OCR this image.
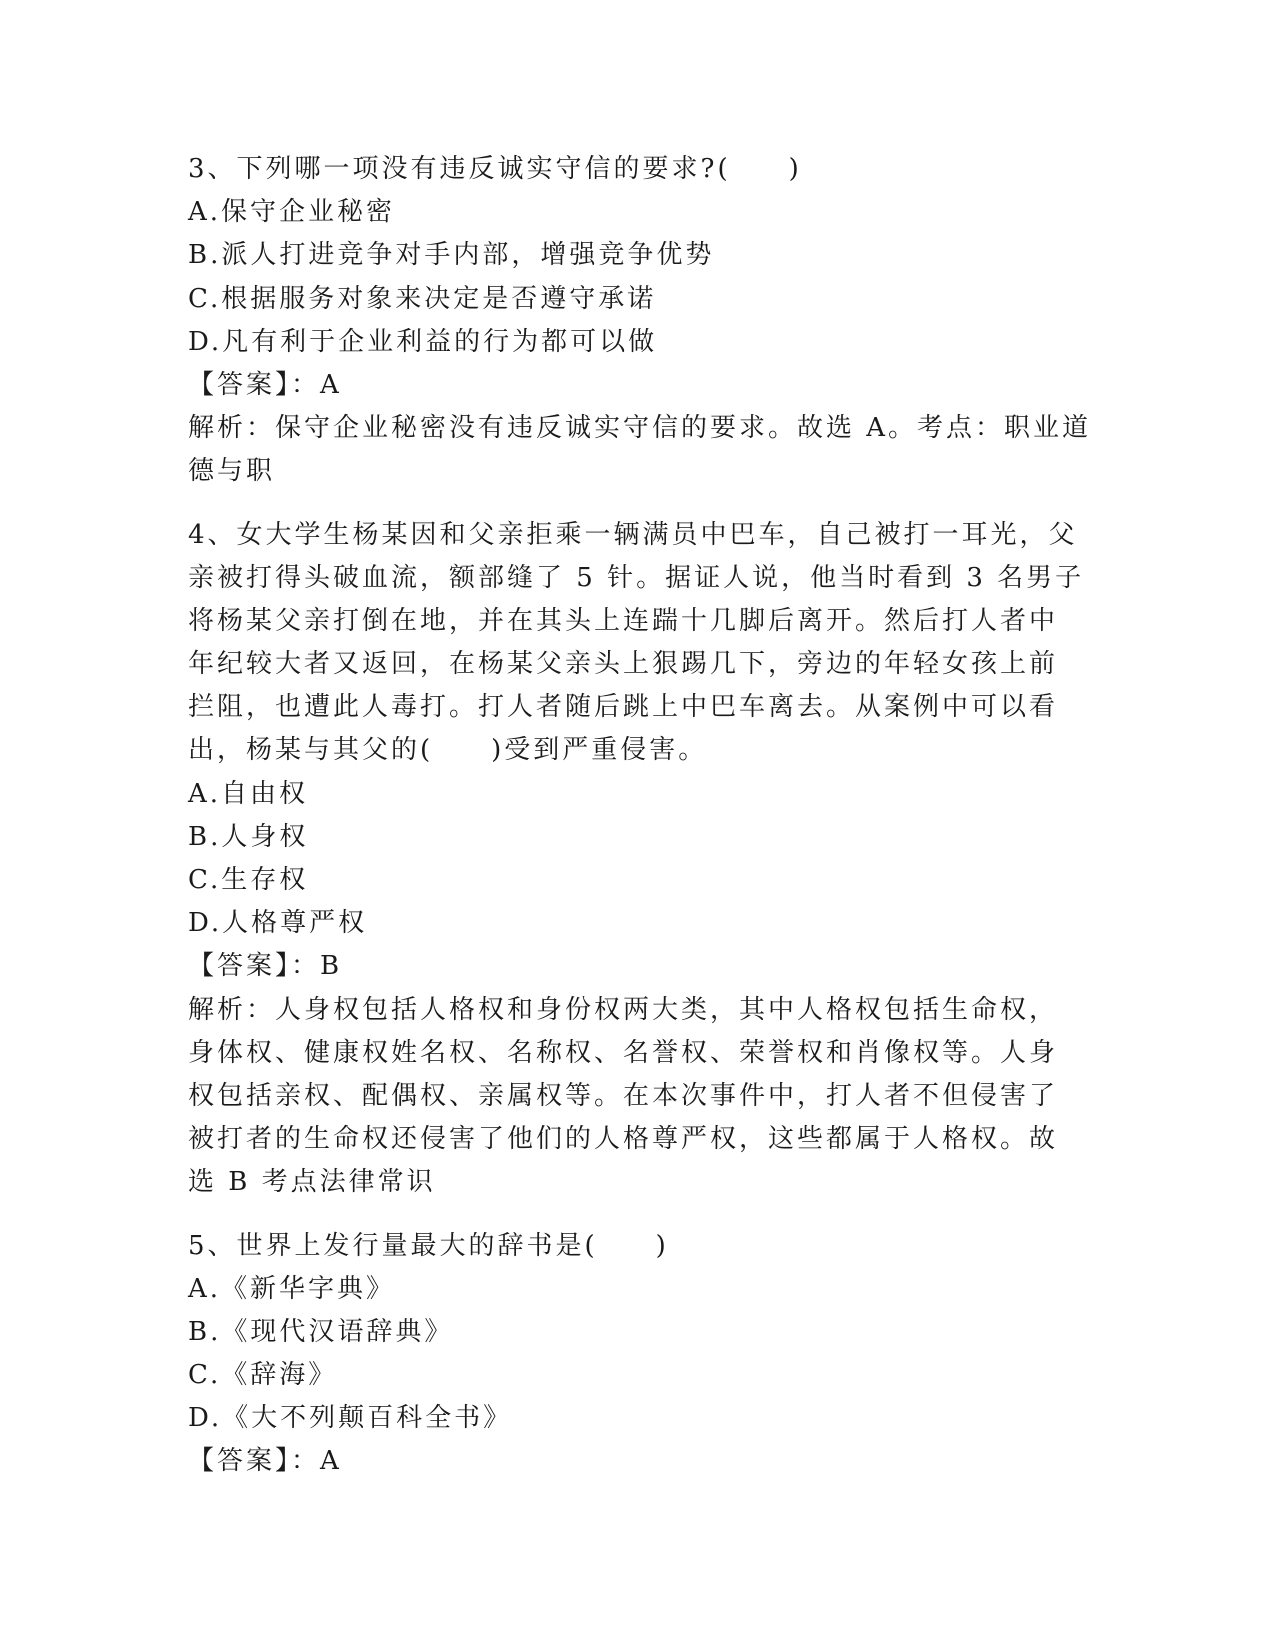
3、下列哪一项没有违反诚实守信的要求?(　　)
A.保守企业秘密
B.派人打进竞争对手内部，增强竞争优势
C.根据服务对象来决定是否遵守承诺
D.凡有利于企业利益的行为都可以做
【答案】：A
解析：保守企业秘密没有违反诚实守信的要求。故选 A。考点：职业道
德与职
4、女大学生杨某因和父亲拒乘一辆满员中巴车，自己被打一耳光，父
亲被打得头破血流，额部缝了 5 针。据证人说，他当时看到 3 名男子
将杨某父亲打倒在地，并在其头上连踹十几脚后离开。然后打人者中
年纪较大者又返回，在杨某父亲头上狠踢几下，旁边的年轻女孩上前
拦阻，也遭此人毒打。打人者随后跳上中巴车离去。从案例中可以看
出，杨某与其父的(　　)受到严重侵害。
A.自由权
B.人身权
C.生存权
D.人格尊严权
【答案】：B
解析：人身权包括人格权和身份权两大类，其中人格权包括生命权，
身体权、健康权姓名权、名称权、名誉权、荣誉权和肖像权等。人身
权包括亲权、配偶权、亲属权等。在本次事件中，打人者不但侵害了
被打者的生命权还侵害了他们的人格尊严权，这些都属于人格权。故
选 B 考点法律常识
5、世界上发行量最大的辞书是(　　)
A.《新华字典》
B.《现代汉语辞典》
C.《辞海》
D.《大不列颠百科全书》
【答案】：A
